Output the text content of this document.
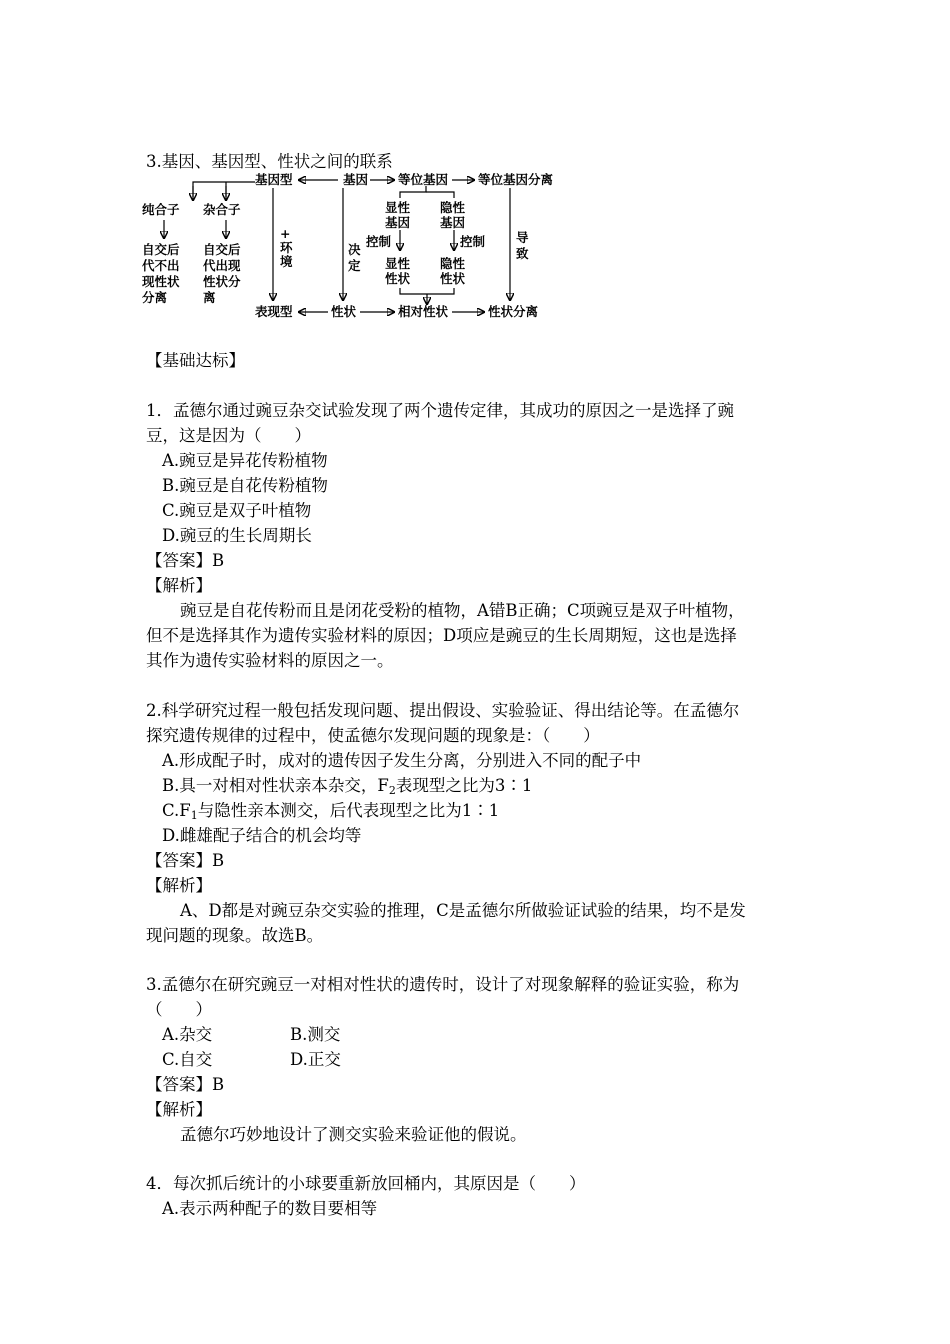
3.基因、基因型、性状之间的联系
基因型	基因 等位基因 等位基因分离
纯合子 杂合子
自交后
代不出
现性状
分离
自交后
代出现
性状分
离
+
环
境
决
定
显性
基因
隐性
基因
控制	控制
显性
性状
隐性
性状
导
致
表现型	性状	相对性状	性状分离
【基础达标】
1．孟德尔通过豌豆杂交试验发现了两个遗传定律，其成功的原因之一是选择了豌
豆，这是因为（　　）
A.豌豆是异花传粉植物
B.豌豆是自花传粉植物
C.豌豆是双子叶植物
D.豌豆的生长周期长
【答案】B
【解析】
豌豆是自花传粉而且是闭花受粉的植物，A错B正确；C项豌豆是双子叶植物，
但不是选择其作为遗传实验材料的原因；D项应是豌豆的生长周期短，这也是选择
其作为遗传实验材料的原因之一。
2.科学研究过程一般包括发现问题、提出假设、实验验证、得出结论等。在孟德尔
探究遗传规律的过程中，使孟德尔发现问题的现象是：（　　）
A.形成配子时，成对的遗传因子发生分离，分别进入不同的配子中
B.具一对相对性状亲本杂交，$F_2$表现型之比为3∶1
$C.F_1$与隐性亲本测交，后代表现型之比为1∶1
D.雌雄配子结合的机会均等
【答案】B
【解析】
A、D都是对豌豆杂交实验的推理，C是孟德尔所做验证试验的结果，均不是发
现问题的现象。故选B。
3.孟德尔在研究豌豆一对相对性状的遗传时，设计了对现象解释的验证实验，称为
（　　）
A.杂交	B.测交
C.自交	D.正交
【答案】B
【解析】
孟德尔巧妙地设计了测交实验来验证他的假说。
4．每次抓后统计的小球要重新放回桶内，其原因是（　　）
A.表示两种配子的数目要相等
